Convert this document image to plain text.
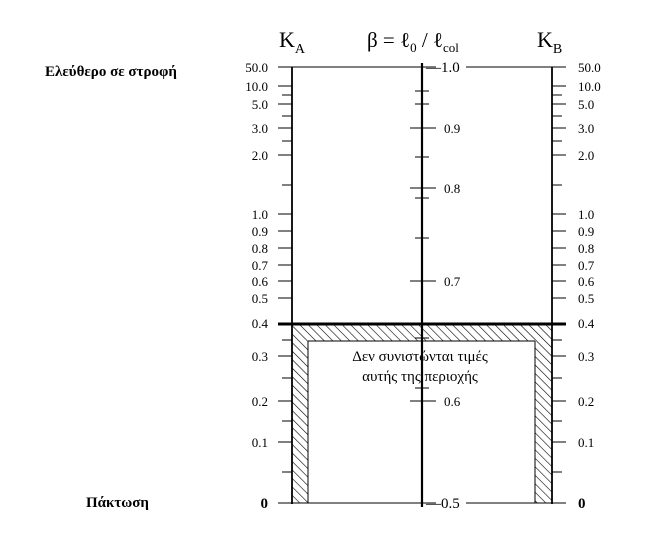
$K_A$	$K_B$
β = ℓ$_0$ / ℓ$_{col}$
Ελεύθερο σε στροφή
Πάκτωση
Δεν συνιστώνται τιμές
αυτής της περιοχής
50.0
10.0
5.0
3.0
2.0
1.0
0.9
0.8
0.7
0.6
0.5
0.4
0.3
0.2
0.1
0
50.0
10.0
5.0
3.0
2.0
1.0
0.9
0.8
0.7
0.6
0.5
0.4
0.3
0.2
0.1
0
—1.0
0.9
0.8
0.7
0.6
—0.5
